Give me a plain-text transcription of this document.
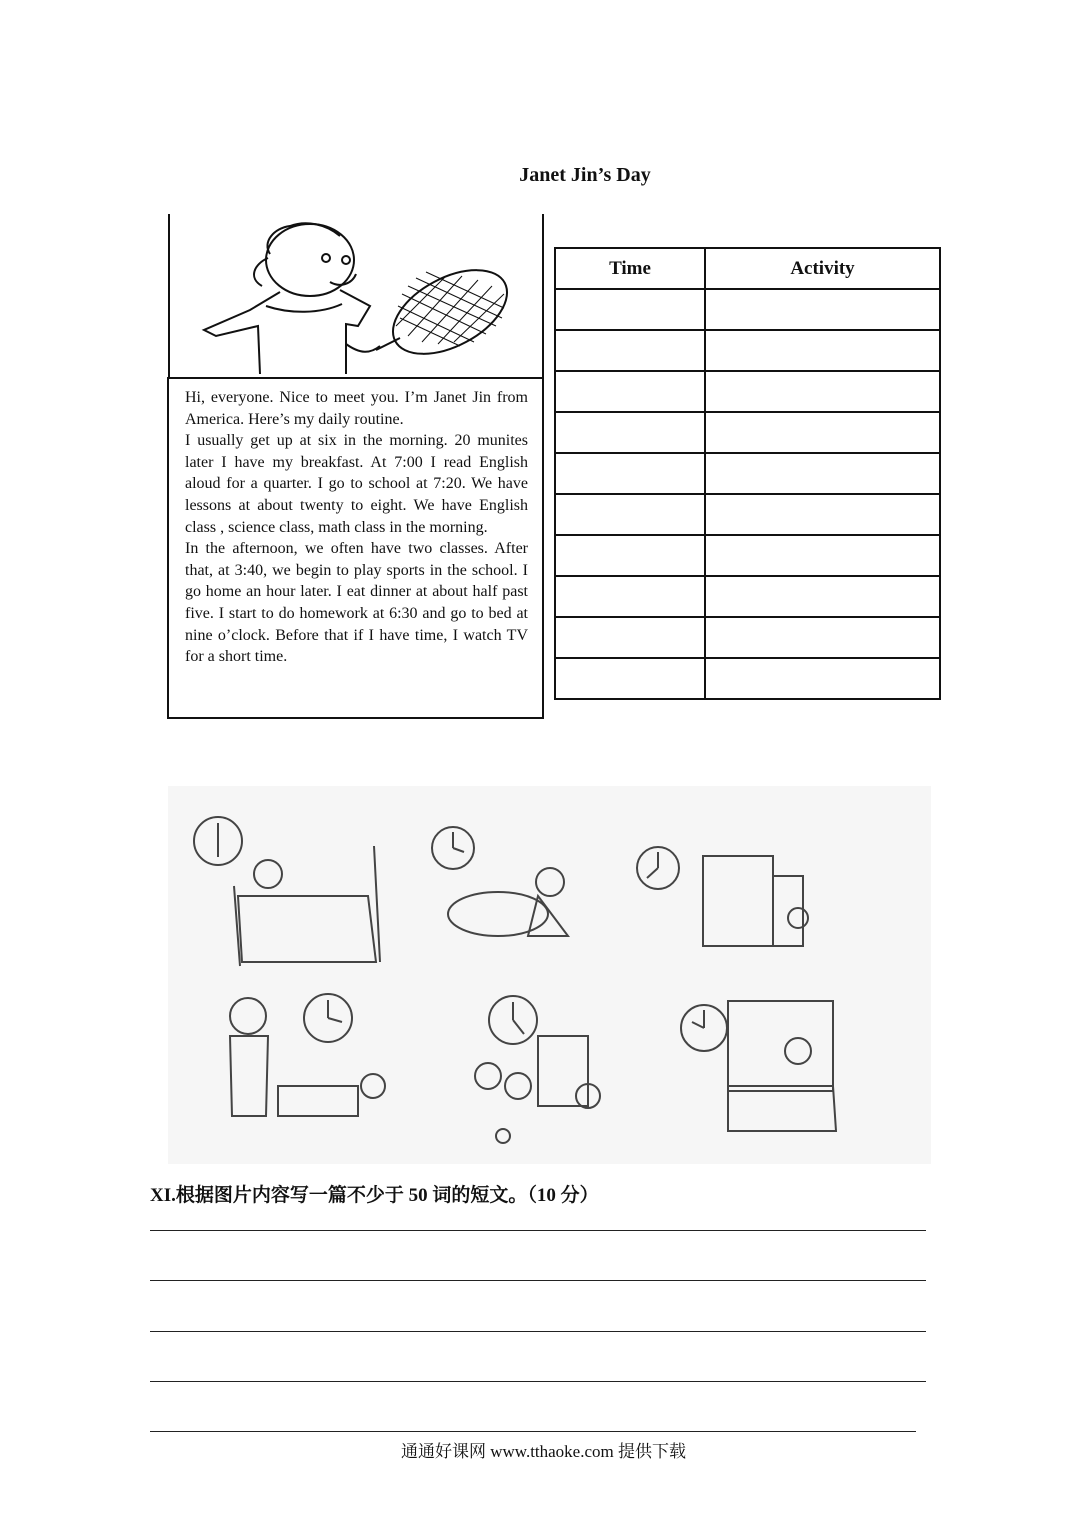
Janet Jin’s Day

Hi, everyone. Nice to meet you. I’m Janet Jin from America. Here’s my daily routine.

I usually get up at six in the morning. 20 munites later I have my breakfast. At 7:00 I read English aloud for a quarter. I go to school at 7:20. We have lessons at about twenty to eight. We have English class , science class, math class in the morning.

In the afternoon, we often have two classes. After that, at 3:40, we begin to play sports in the school. I go home an hour later. I eat dinner at about half past five. I start to do homework at 6:30 and go to bed at nine o’clock. Before that if I have time, I watch TV for a short time.

Time	Activity

XI.根据图片内容写一篇不少于 50 词的短文。（10 分）
通通好课网 www.tthaoke.com 提供下载
